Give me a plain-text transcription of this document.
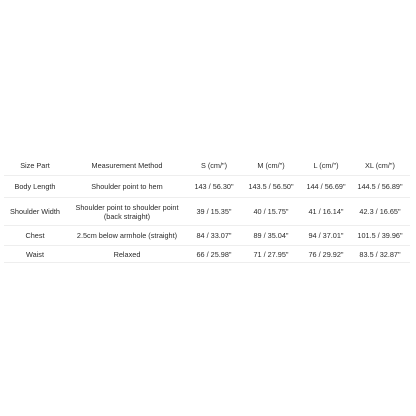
Size Part	Measurement Method	S (cm/")	M (cm/")	L (cm/")	XL (cm/")
Body Length	Shoulder point to hem	143 / 56.30"	143.5 / 56.50"	144 / 56.69"	144.5 / 56.89"
Shoulder Width	Shoulder point to shoulder point (back straight)	39 / 15.35"	40 / 15.75"	41 / 16.14"	42.3 / 16.65"
Chest	2.5cm below armhole (straight)	84 / 33.07"	89 / 35.04"	94 / 37.01"	101.5 / 39.96"
Waist	Relaxed	66 / 25.98"	71 / 27.95"	76 / 29.92"	83.5 / 32.87"
